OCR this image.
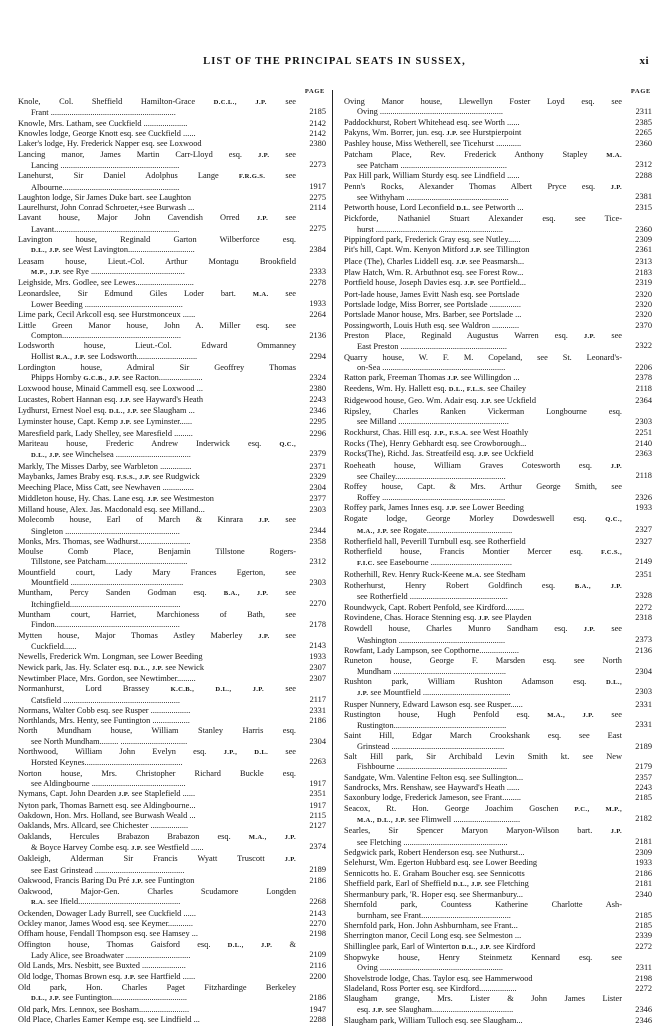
LIST OF THE PRINCIPAL SEATS IN SUSSEX,	xi
PAGE
Knole, Col. Sheffield Hamilton-Grace D.C.L., J.P. see
Frant ............................................................	2185

Knowle, Mrs. Latham, see Cuckfield .....................	2142

Knowles lodge, George Knott esq. see Cuckfield ......	2142

Laker's lodge, Hy. Frederick Napper esq. see Loxwood	2380

Lancing manor, James Martin Carr-Lloyd esq. J.P. see
Lancing .........................................................	2273

Lanehurst, Sir Daniel Adolphus Lange F.R.G.S. see
Albourne........................................................	1917

Laughton lodge, Sir James Duke bart. see Laughton	2275

Laurelhurst, John Conrad Schroeter,+see Burwash ...	2114

Lavant house, Major John Cavendish Orred J.P. see
Lavant............................................................	2275

Lavington house, Reginald Garton Wilberforce esq.
D.L., J.P. see West Lavington................................	2384

Leasam house, Lieut.-Col. Arthur Montagu Brookfield
M.P., J.P. see Rye .............................................	2333

Leighside, Mrs. Godlee, see Lewes............................	2278

Leonardslee, Sir Edmund Giles Loder bart. M.A. see
Lower Beeding ...............................................	1933

Lime park, Cecil Arkcoll esq. see Hurstmonceux ......	2264

Little Green Manor house, John A. Miller esq. see
Compton.........................................................	2136

Lodsworth house, Lieut.-Col. Edward Ommanney
Hollist R.A., J.P. see Lodsworth.............................	2294

Lordington house, Admiral Sir Geoffrey Thomas
Phipps Hornby G.C.B., J.P. see Racton.....................	2324

Loxwood house, Minaid Cammell esq. see Loxwood ...	2380

Lucastes, Robert Hannan esq. J.P. see Hayward's Heath	2243

Lydhurst, Ernest Noel esq. D.L., J.P. see Slaugham ...	2346

Lyminster house, Capt. Kemp J.P. see Lyminster......	2295

Maresfield park, Lady Shelley, see Maresfield .........	2296

Mariteau house, Frederic Andrew Inderwick esq. Q.C.,
D.L., J.P. see Winchelsea ....................................	2379

Markly, The Misses Darby, see Warbleton ...............	2371

Maybanks, James Braby esq. F.S.S., J.P. see Rudgwick	2329

Meeching Place, Miss Catt, see Newhaven ...............	2304

Middleton house, Hy. Chas. Lane esq. J.P. see Westmeston	2377

Milland house, Alex. Jas. Macdonald esq. see Milland...	2303

Molecomb house, Earl of March & Kinrara J.P. see
Singleton .......................................................	2344

Monks, Mrs. Thomas, see Wadhurst.........................	2358

Moulse Comb Place, Benjamin Tillstone Rogers-
Tillstone, see Patcham.......................................	2312

Mountfield court, Lady Mary Frances Egerton, see
Mountfield ......................................................	2303

Muntham, Percy Sanden Godman esq. B.A., J.P. see
Itchingfield.....................................................	2270

Muntham court, Harriet, Marchioness of Bath, see
Findon............................................................	2178

Mytten house, Major Thomas Astley Maberley J.P. see
Cuckfield......	2143

Newells, Frederick Wm. Longman, see Lower Beeding	1933

Newick park, Jas. Hy. Sclater esq. D.L., J.P. see Newick	2307

Newtimber Place, Mrs. Gordon, see Newtimber.........	2307

Normanhurst, Lord Brassey K.C.B., D.L., J.P. see
Catsfield ........................................................	2117

Normans, Walter Cobb esq. see Rusper ...................	2331

Northlands, Mrs. Henty, see Funtington ..................	2186

North Mundham house, William Stanley Harris esq.
see North Mundham......... ................................	2304

Northwood, William John Evelyn esq. J.P., D.L. see
Horsted Keynes...............................................	2263

Norton house, Mrs. Christopher Richard Buckle esq.
see Aldingbourne .............................................	1917

Nymans, Capt. John Dearden J.P. see Staplefield ......	2351

Nyton park, Thomas Barnett esq. see Aldingbourne...	1917

Oakdown, Hon. Mrs. Holland, see Burwash Weald ...	2115

Oaklands, Mrs. Allcard, see Chichester ..................	2127

Oaklands, Hercules Brabazon Brabazon esq. M.A., J.P.
& Boyce Harvey Combe esq. J.P. see Westfield ......	2374

Oakleigh, Alderman Sir Francis Wyatt Truscott J.P.
see East Grinstead ...........................................	2189

Oakwood, Francis Baring Du Pré J.P. see Funtington	2186

Oakwood, Major-Gen. Charles Scudamore Longden
R.A. see Ifield.................................................	2268

Ockenden, Dowager Lady Burrell, see Cuckfield ......	2143

Ockley manor, James Wood esq. see Keymer............	2270

Offham house, Fendall Thompson esq. see Hamsey ...	2198

Offington house, Thomas Gaisford esq. D.L., J.P. &
Lady Alice, see Broadwater ...............................	2109

Old Lands, Mrs. Nesbitt, see Buxted .....................	2116

Old lodge, Thomas Brown esq. J.P. see Hartfield ......	2200

Old park, Hon. Charles Paget Fitzhardinge Berkeley
D.L., J.P. see Funtington....................................	2186

Old park, Mrs. Lennox, see Bosham........................	1947

Old Place, Charles Eamer Kempe esq. see Lindfield ...	2288
PAGE
Oving Manor house, Llewellyn Foster Loyd esq. see
Oving ...........................................................	2311

Paddockhurst, Robert Whitehead esq. see Worth ......	2385

Pakyns, Wm. Borrer, jun. esq. J.P. see Hurstpierpoint	2265

Pashley house, Miss Wetherell, see Ticehurst ............	2360

Patcham Place, Rev. Frederick Anthony Stapley M.A.
see Patcham ...................................................	2312

Pax Hill park, William Sturdy esq. see Lindfield ......	2288

Penn's Rocks, Alexander Thomas Albert Pryce esq. J.P.
see Withyham .................................................	2381

Petworth house, Lord Leconfield D.L. see Petworth ...	2315

Pickforde, Nathaniel Stuart Alexander esq. see Tice-
hurst .............................................................	2360

Pippingford park, Frederick Gray esq. see Nutley......	2309

Pit's hill, Capt. Wm. Kenyon Mitford J.P. see Tillington	2361

Place (The), Charles Liddell esq. J.P. see Peasmarsh...	2313

Plaw Hatch, Wm. R. Arbuthnot esq. see Forest Row...	2183

Portfield house, Joseph Davies esq. J.P. see Portfield...	2319

Port-lade house, James Evitt Nash esq. see Portslade	2320

Portslade lodge, Miss Borrer, see Portslade ...............	2320

Portslade Manor house, Mrs. Barber, see Portslade ...	2320

Possingworth, Louis Huth esq. see Waldron .............	2370

Preston Place, Reginald Augustus Warren esq. J.P. see
East Preston ...................................................	2322

Quarry house, W. F. M. Copeland, see St. Leonard's-
on-Sea ...........................................................	2206

Ratton park, Freeman Thomas J.P. see Willingdon ...	2378

Reedens, Wm. Hy. Hallett esq. D.L., F.L.S. see Chailey	2118

Ridgewood house, Geo. Wm. Adair esq. J.P. see Uckfield	2364

Ripsley, Charles Ranken Vickerman Longbourne esq.
see Milland .....................................................	2303

Rockhurst, Chas. Hill esq. J.P., F.S.A. see West Hoathly	2251

Rocks (The), Henry Gebhardt esq. see Crowborough...	2140

Rocks(The), Richd. Jas. Streatfeild esq. J.P. see Uckfield	2363

Roeheath house, William Graves Cotesworth esq. J.P.
see Chailey.....................................................	2118

Roffey house, Capt. & Mrs. Arthur George Smith, see
Roffey ...........................................................	2326

Roffey park, James Innes esq. J.P. see Lower Beeding	1933

Rogate lodge, George Morley Dowdeswell esq. Q.C.,
M.A., J.P. see Rogate.........................................	2327

Rotherfield hall, Peverill Turnbull esq. see Rotherfield	2327

Rotherfield house, Francis Montier Mercer esq. F.C.S.,
F.I.C. see Easebourne .......................................	2149

Rotherhill, Rev. Henry Ruck-Keene M.A. see Stedham	2351

Rotherhurst, Henry Robert Goldfinch esq. B.A., J.P.
see Rotherfield ...............................................	2328

Roundwyck, Capt. Robert Penfold, see Kirdford.........	2272

Rovindene, Chas. Horace Stenning esq. J.P. see Playden	2318

Rowdell house, Charles Munro Sandham esq. J.P. see
Washington ...................................................	2373

Rowfant, Lady Lampson, see Copthorne...................	2136

Runeton house, George F. Marsden esq. see North
Mundham ......................................................	2304

Rushton park, William Rushton Adamson esq. D.L.,
J.P. see Mountfield ..........................................	2303

Rusper Nunnery, Edward Lawson esq. see Rusper......	2331

Rustington house, Hugh Penfold esq. M.A., J.P. see
Rustington......................................................	2331

Saint Hill, Edgar March Crookshank esq. see East
Grinstead ......................................................	2189

Salt Hill park, Sir Archibald Levin Smith kt. see New
Fishbourne .....................................................	2179

Sandgate, Wm. Valentine Felton esq. see Sullington...	2357

Sandrocks, Mrs. Renshaw, see Hayward's Heath ......	2243

Saxonbury lodge, Frederick Jameson, see Frant.........	2185

Seacox, Rt. Hon. George Joachim Goschen P.C., M.P.,
M.A., D.L., J.P. see Flimwell ................................	2182

Searles, Sir Spencer Maryon Maryon-Wilson bart. J.P.
see Fletching ..................................................	2181

Sedgwick park, Robert Henderson esq. see Nuthurst...	2309

Selehurst, Wm. Egerton Hubbard esq. see Lower Beeding	1933

Sennicotts ho. E. Graham Boucher esq. see Sennicotts	2186

Sheffield park, Earl of Sheffield D.L., J.P. see Fletching	2181

Shermanbury park, 'R. Hoper esq. see Shermanbury...	2340

Shernfold park, Countess Katherine Charlotte Ash-
burnham, see Frant...........................................	2185

Shernfold park, Hon. John Ashburnham, see Frant...	2185

Sherrington manor, Cecil Long esq. see Selmeston ...	2339

Shillinglee park, Earl of Winterton D.L., J.P. see Kirdford	2272

Shopwyke house, Henry Steinmetz Kennard esq. see
Oving ...........................................................	2311

Shovelstrode lodge, Chas. Taylor esq. see Hammerwood	2198

Sladeland, Ross Porter esq. see Kirdford..................	2272

Slaugham grange, Mrs. Lister & John James Lister
esq. J.P. see Slaugham.......................................	2346

Slaugham park, William Tulloch esq. see Slaugham...	2346
